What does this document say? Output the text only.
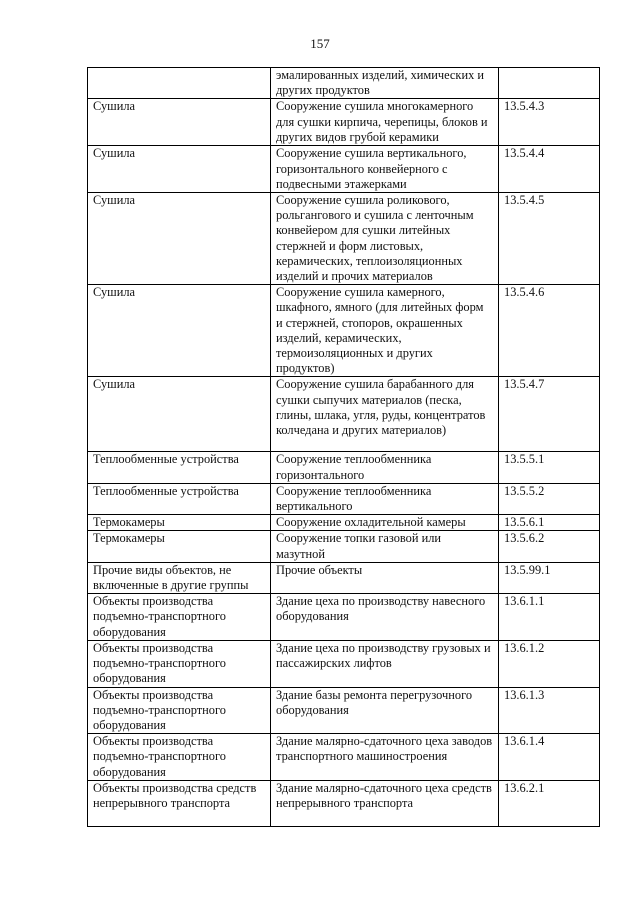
157
	эмалированных изделий, химических и других продуктов	
Сушила	Сооружение сушила многокамерного для сушки кирпича, черепицы, блоков и других видов грубой керамики	13.5.4.3
Сушила	Сооружение сушила вертикального, горизонтального конвейерного с подвесными этажерками	13.5.4.4
Сушила	Сооружение сушила роликового, рольгангового и сушила с ленточным конвейером для сушки литейных стержней и форм листовых, керамических, теплоизоляционных изделий и прочих материалов	13.5.4.5
Сушила	Сооружение сушила камерного, шкафного, ямного (для литейных форм и стержней, стопоров, окрашенных изделий, керамических, термоизоляционных и других продуктов)	13.5.4.6
Сушила	Сооружение сушила барабанного для сушки сыпучих материалов (песка, глины, шлака, угля, руды, концентратов колчедана и других материалов)	13.5.4.7
Теплообменные устройства	Сооружение теплообменника горизонтального	13.5.5.1
Теплообменные устройства	Сооружение теплообменника вертикального	13.5.5.2
Термокамеры	Сооружение охладительной камеры	13.5.6.1
Термокамеры	Сооружение топки газовой или мазутной	13.5.6.2
Прочие виды объектов, не включенные в другие группы	Прочие объекты	13.5.99.1
Объекты производства подъемно-транспортного оборудования	Здание цеха по производству навесного оборудования	13.6.1.1
Объекты производства подъемно-транспортного оборудования	Здание цеха по производству грузовых и пассажирских лифтов	13.6.1.2
Объекты производства подъемно-транспортного оборудования	Здание базы ремонта перегрузочного оборудования	13.6.1.3
Объекты производства подъемно-транспортного оборудования	Здание малярно-сдаточного цеха заводов транспортного машиностроения	13.6.1.4
Объекты производства средств непрерывного транспорта	Здание малярно-сдаточного цеха средств непрерывного транспорта	13.6.2.1
